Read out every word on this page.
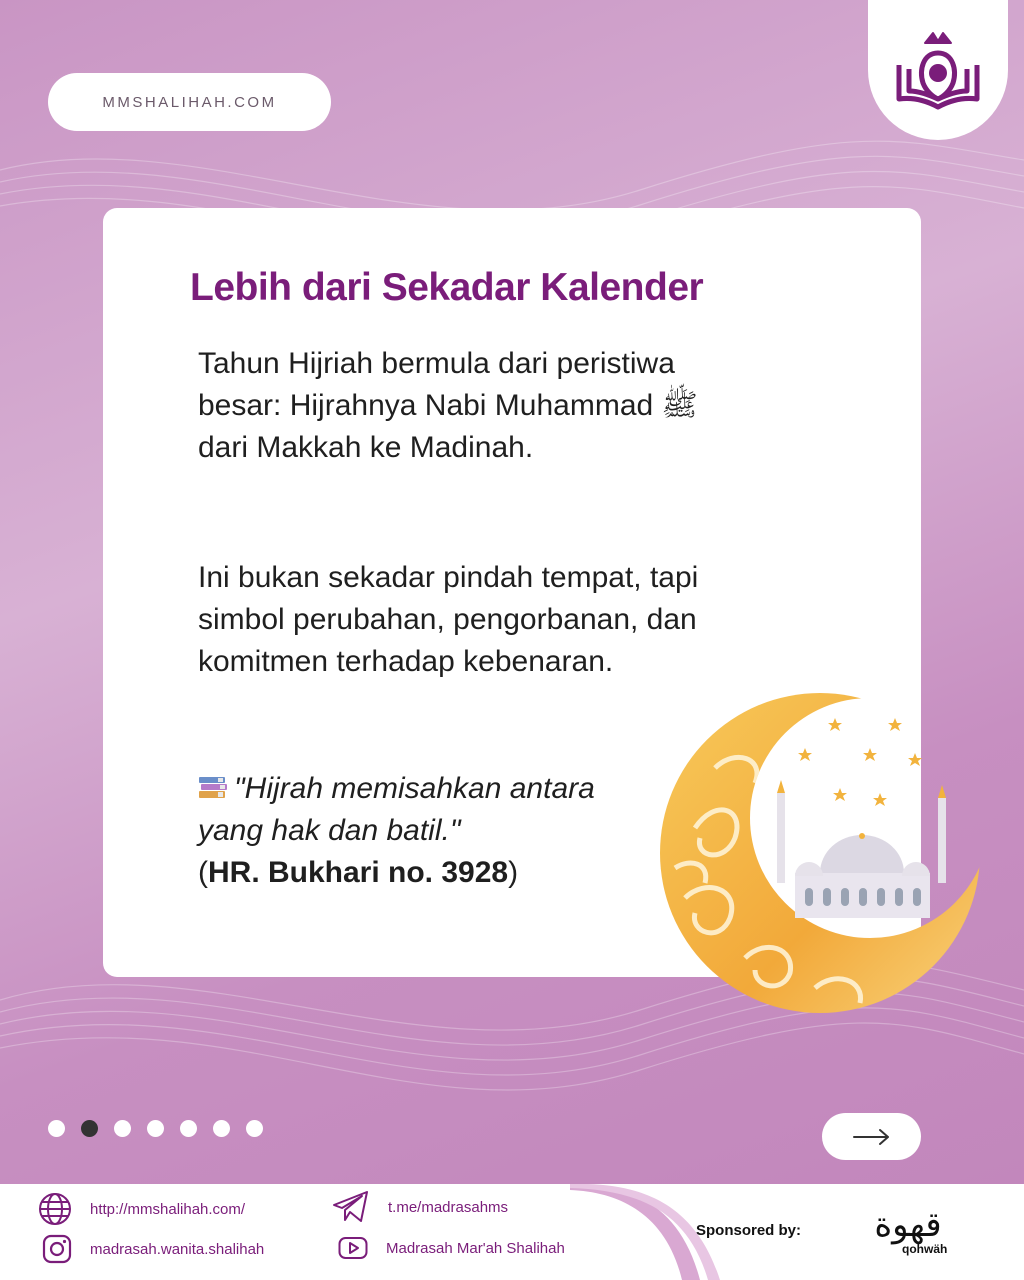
MMSHALIHAH.COM
Lebih dari Sekadar Kalender
Tahun Hijriah bermula dari peristiwa besar: Hijrahnya Nabi Muhammad ﷺ dari Makkah ke Madinah.
Ini bukan sekadar pindah tempat, tapi simbol perubahan, pengorbanan, dan komitmen terhadap kebenaran.
"Hijrah memisahkan antara yang hak dan batil."
(HR. Bukhari no. 3928)
http://mmshalihah.com/
madrasah.wanita.shalihah
t.me/madrasahms
Madrasah Mar'ah Shalihah
Sponsored by: قهوة
qohwäh
